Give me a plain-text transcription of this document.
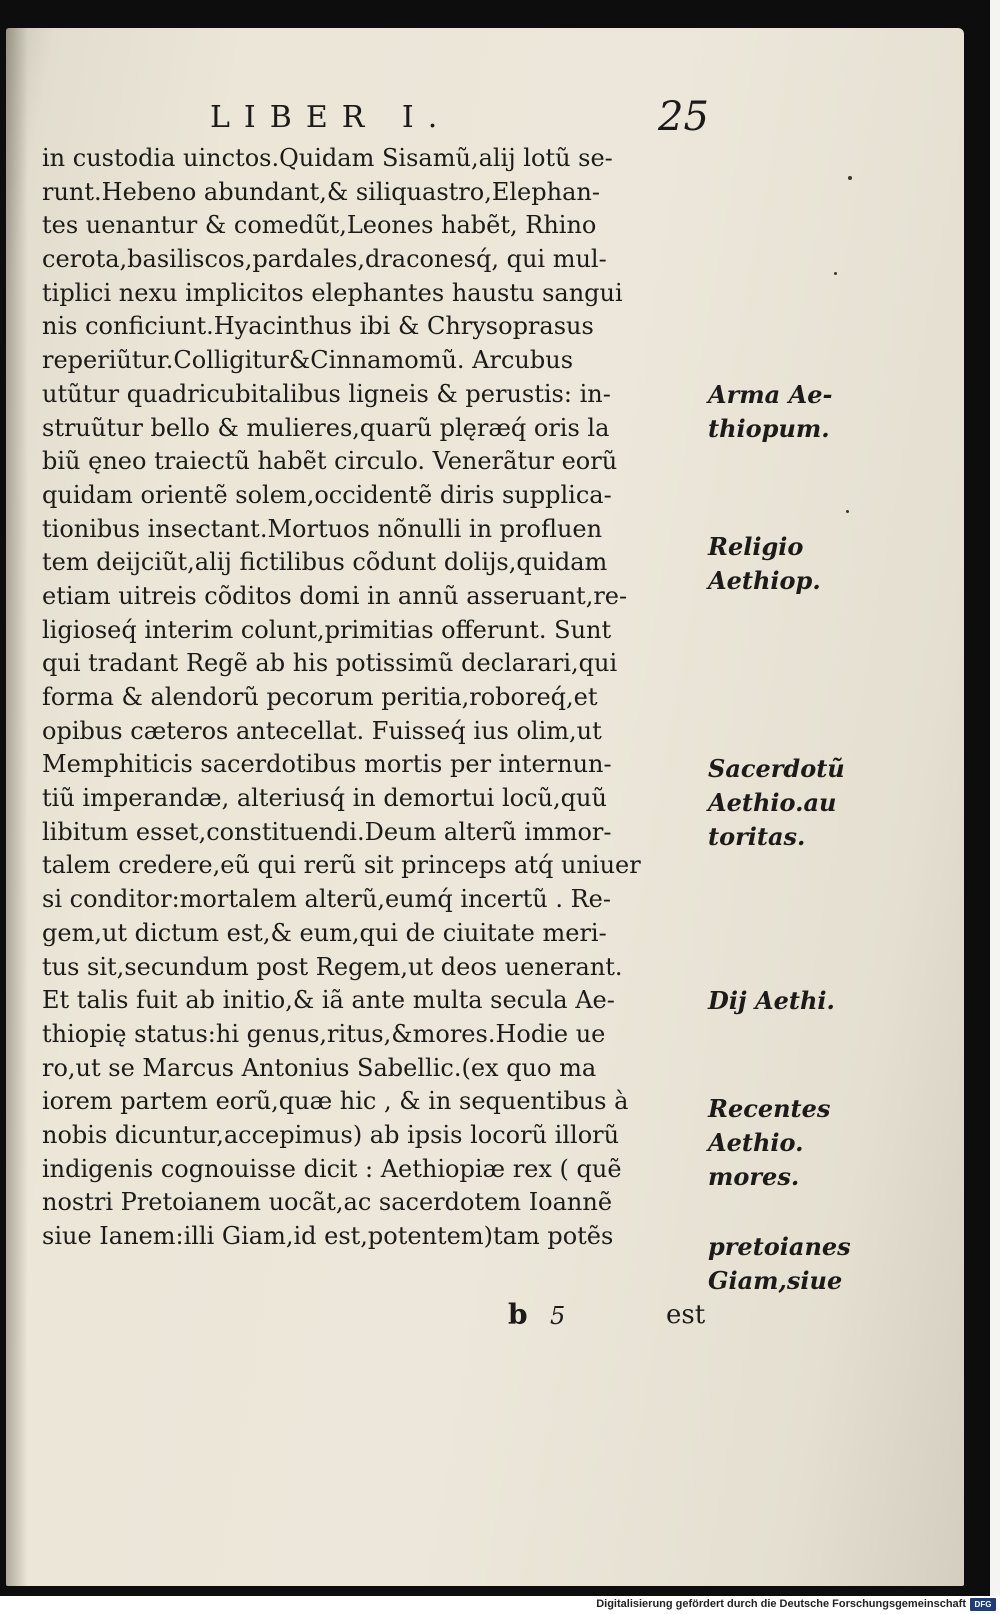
LIBER I.	25
in custodia uinctos.Quidam Sisamũ,alij lotũ se-
runt.Hebeno abundant,& siliquastro,Elephan-
tes uenantur & comedũt,Leones habẽt, Rhino
cerota,basiliscos,pardales,draconesq́, qui mul-
tiplici nexu implicitos elephantes haustu sangui
nis conficiunt.Hyacinthus ibi & Chrysoprasus
reperiũtur.Colligitur&Cinnamomũ. Arcubus
utũtur quadricubitalibus ligneis & perustis: in-
struũtur bello & mulieres,quarũ plęræq́ oris la
biũ ęneo traiectũ habẽt circulo. Venerãtur eorũ
quidam orientẽ solem,occidentẽ diris supplica-
tionibus insectant.Mortuos nõnulli in profluen
tem deijciũt,alij fictilibus cõdunt dolijs,quidam
etiam uitreis cõditos domi in annũ asseruant,re-
ligioseq́ interim colunt,primitias offerunt. Sunt
qui tradant Regẽ ab his potissimũ declarari,qui
forma & alendorũ pecorum peritia,roboreq́,et
opibus cæteros antecellat. Fuisseq́ ius olim,ut
Memphiticis sacerdotibus mortis per internun-
tiũ imperandæ, alteriusq́ in demortui locũ,quũ
libitum esset,constituendi.Deum alterũ immor-
talem credere,eũ qui rerũ sit princeps atq́ uniuer
si conditor:mortalem alterũ,eumq́ incertũ . Re-
gem,ut dictum est,& eum,qui de ciuitate meri-
tus sit,secundum post Regem,ut deos uenerant.
Et talis fuit ab initio,& iã ante multa secula Ae-
thiopię status:hi genus,ritus,&mores.Hodie ue
ro,ut se Marcus Antonius Sabellic.(ex quo ma
iorem partem eorũ,quæ hic , & in sequentibus à
nobis dicuntur,accepimus) ab ipsis locorũ illorũ
indigenis cognouisse dicit : Aethiopiæ rex ( quẽ
nostri Pretoianem uocãt,ac sacerdotem Ioannẽ
siue Ianem:illi Giam,id est,potentem)tam potẽs
Arma Ae-
thiopum.
Religio
Aethiop.
Sacerdotũ
Aethio.au
toritas.
Dij Aethi.
Recentes
Aethio.
mores.
pretoianes
Giam,siue
b 5	est
Digitalisierung gefördert durch die Deutsche Forschungsgemeinschaft	DFG
